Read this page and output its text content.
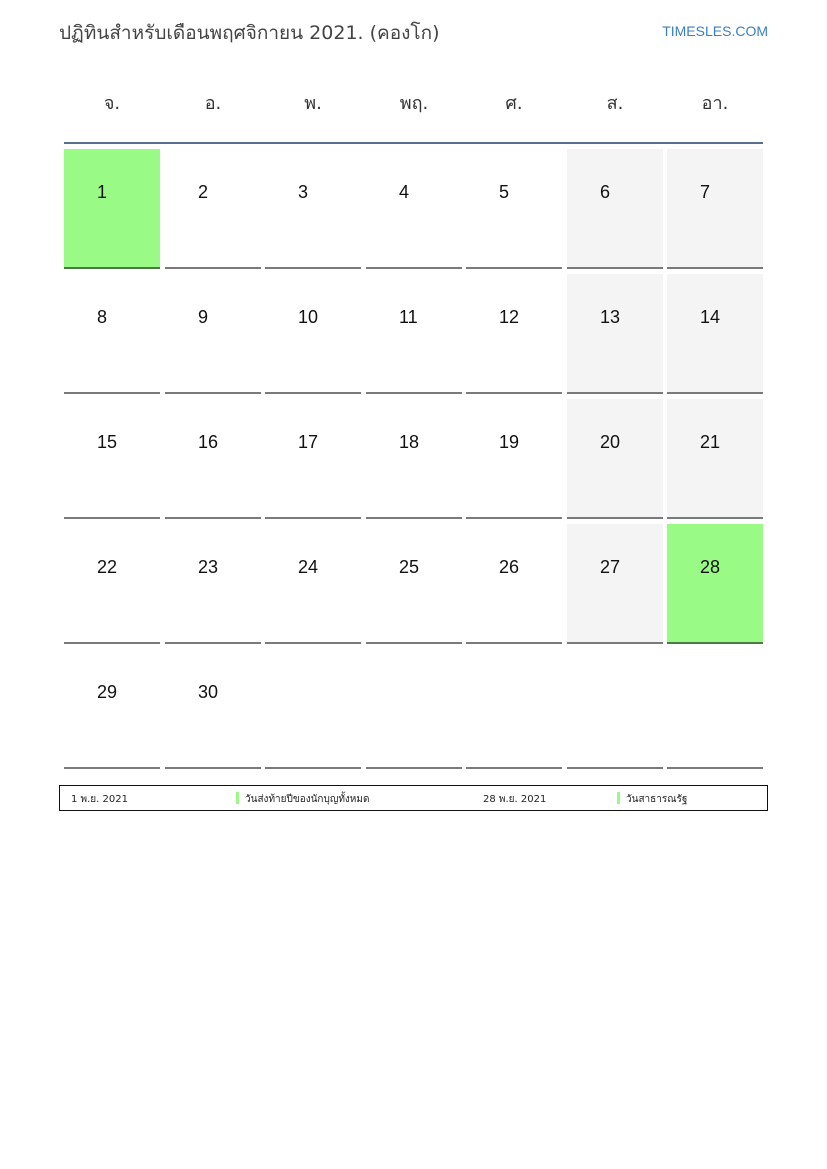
ปฏิทินสำหรับเดือนพฤศจิกายน 2021. (คองโก)	TIMESLES.COM
จ.	อ.	พ.	พฤ.	ศ.	ส.	อา.
1	2	3	4	5	6	7
8	9	10	11	12	13	14
15	16	17	18	19	20	21
22	23	24	25	26	27	28
29	30
1 พ.ย. 2021	วันส่งท้ายปีของนักบุญทั้งหมด	28 พ.ย. 2021	วันสาธารณรัฐ
